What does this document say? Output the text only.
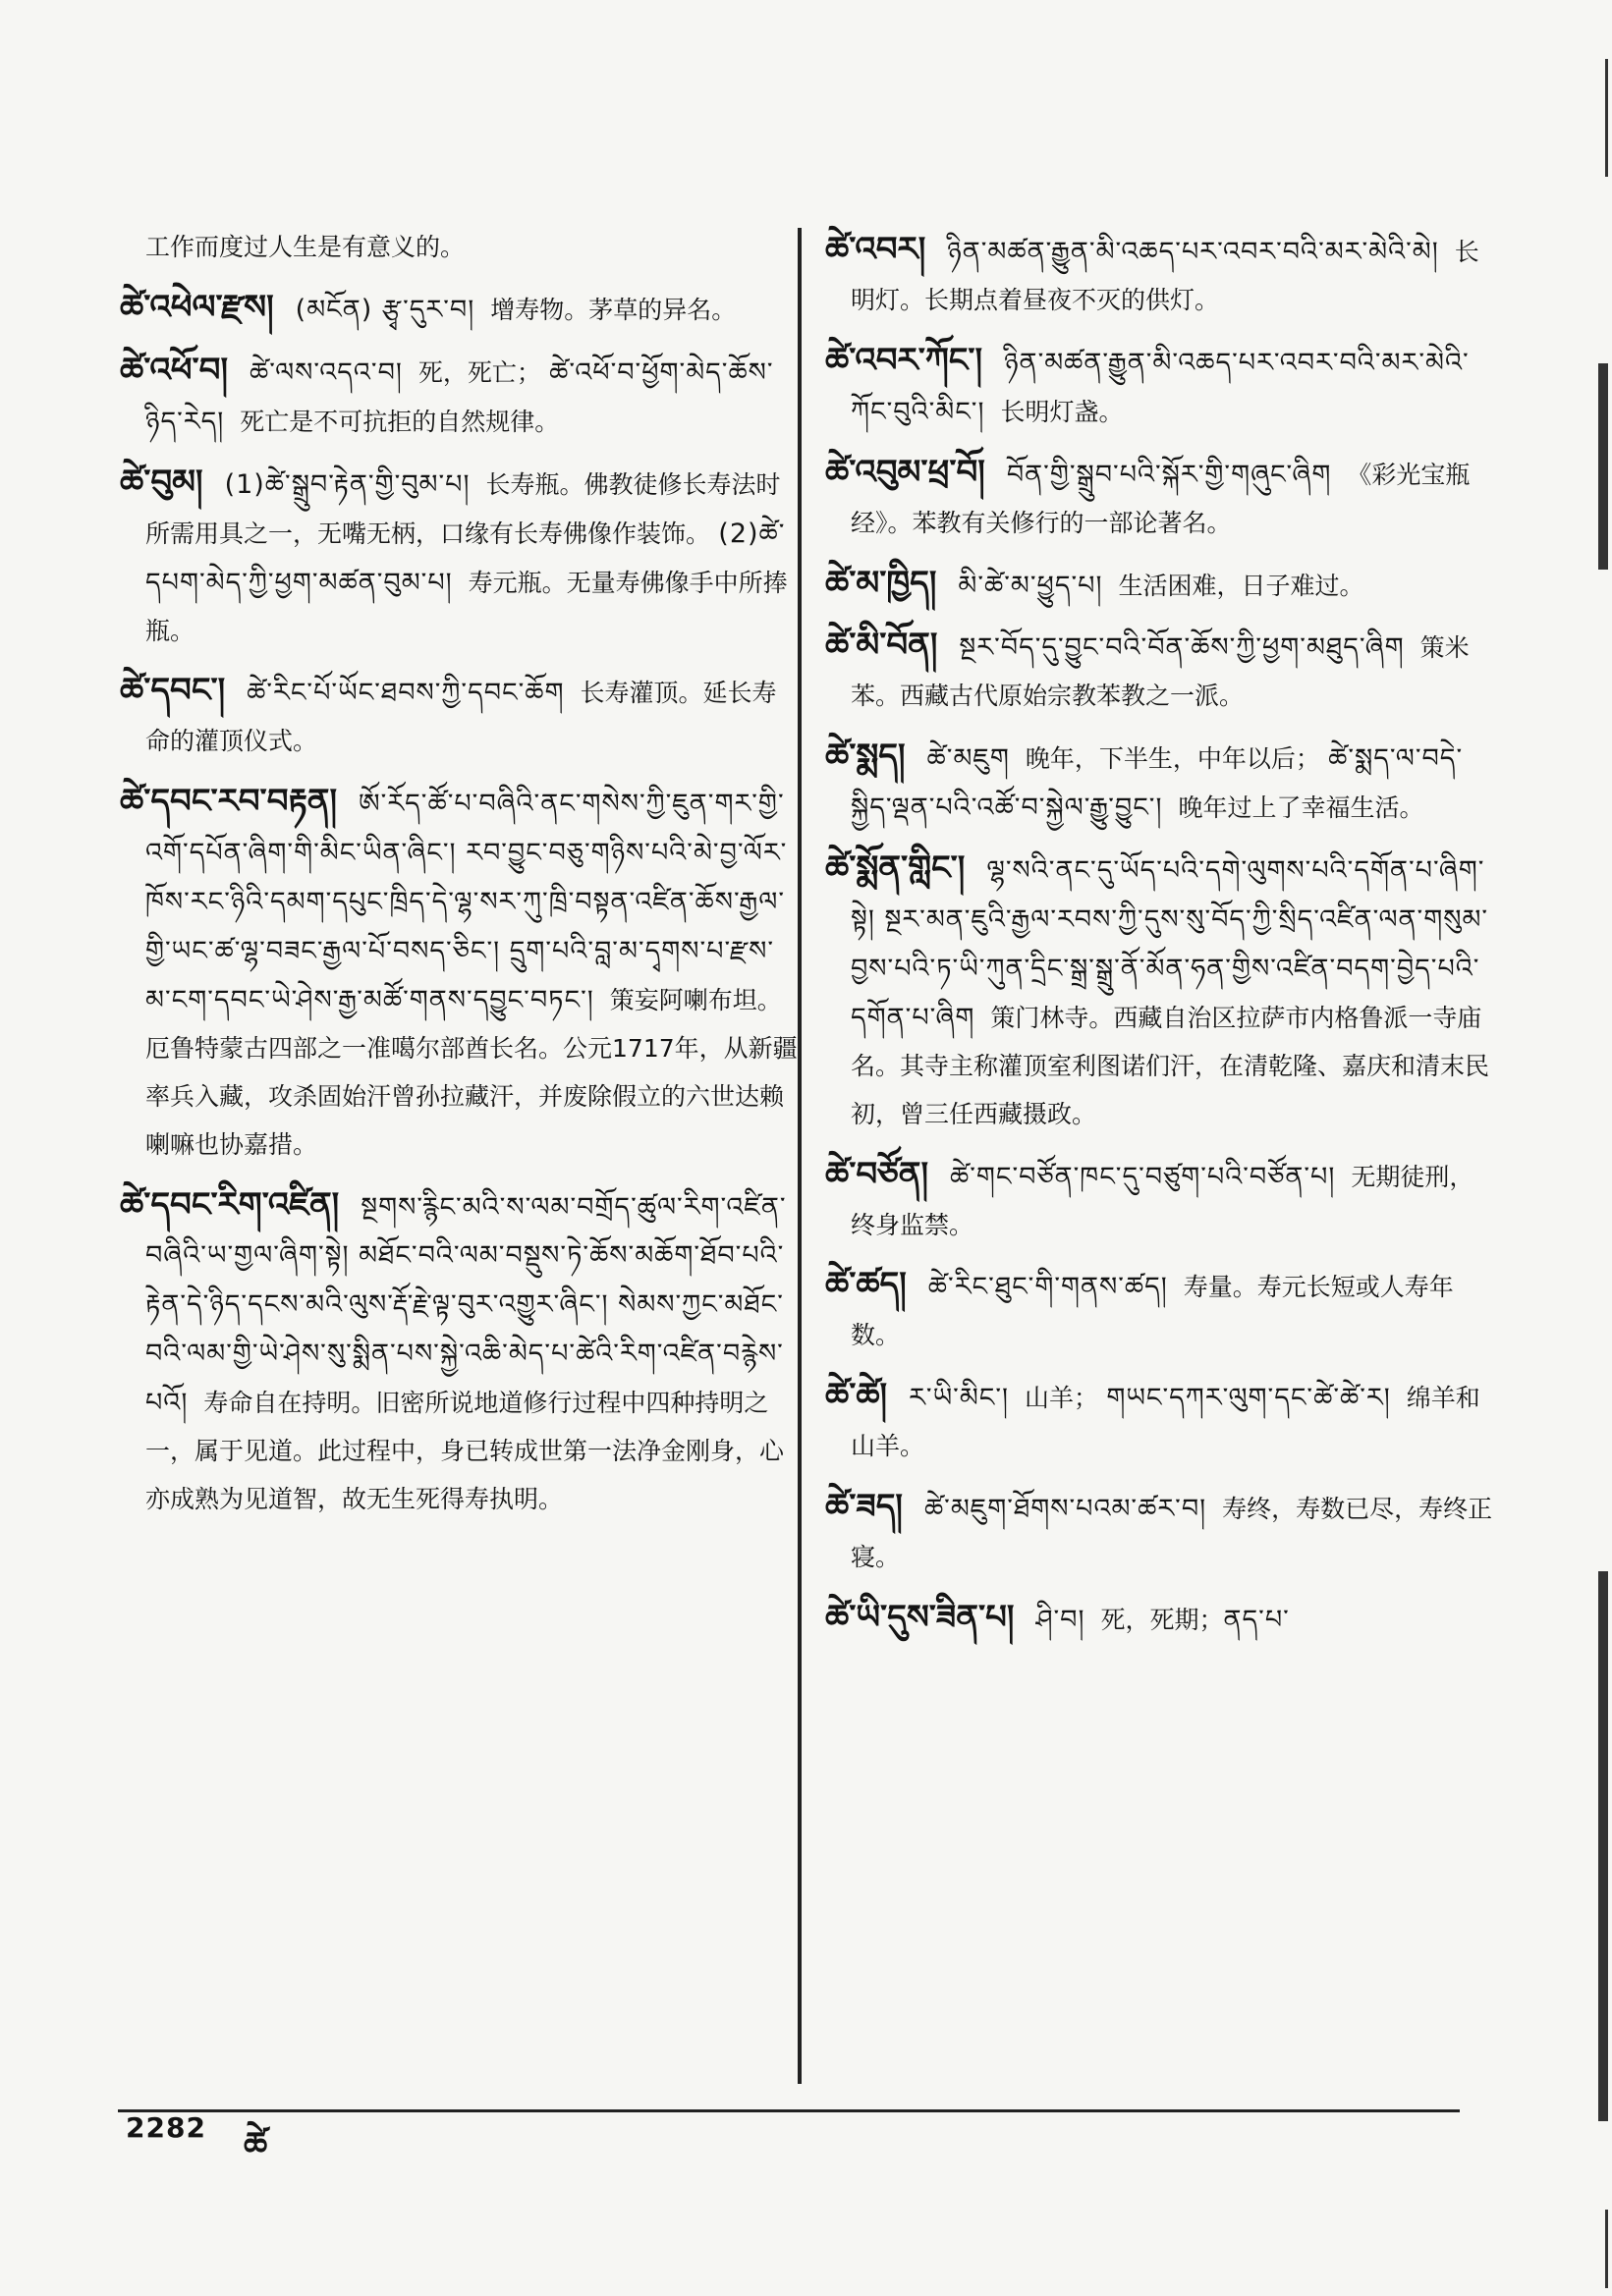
工作而度过人生是有意义的。
ཚེ་འཕེལ་རྫས། (མངོན) རྩྭ་དུར་བ། 增寿物。茅草的异名。
ཚེ་འཕོ་བ། ཚེ་ལས་འདའ་བ། 死，死亡； ཚེ་འཕོ་བ་ཕྱོག་མེད་ཆོས་ཉིད་རེད། 死亡是不可抗拒的自然规律。
ཚེ་བུམ། (1)ཚེ་སྒྲུབ་རྟེན་གྱི་བུམ་པ། 长寿瓶。佛教徒修长寿法时所需用具之一，无嘴无柄，口缘有长寿佛像作装饰。 (2)ཚེ་དཔག་མེད་ཀྱི་ཕྱག་མཚན་བུམ་པ། 寿元瓶。无量寿佛像手中所捧瓶。
ཚེ་དབང་། ཚེ་རིང་པོ་ཡོང་ཐབས་ཀྱི་དབང་ཆོག 长寿灌顶。延长寿命的灌顶仪式。
ཚེ་དབང་རབ་བརྟན། ཨོ་རོད་ཚོ་པ་བཞིའི་ནང་གསེས་ཀྱི་ཇུན་གར་གྱི་འགོ་དཔོན་ཞིག་གི་མིང་ཡིན་ཞིང་། རབ་བྱུང་བཅུ་གཉིས་པའི་མེ་བྱ་ལོར་ཁོས་རང་ཉིའི་དམག་དཔུང་ཁྲིད་དེ་ལྷ་སར་ཀུ་ཁྲི་བསྟན་འཛིན་ཆོས་རྒྱལ་གྱི་ཡང་ཚ་ལྷ་བཟང་རྒྱལ་པོ་བསད་ཅིང་། དྲུག་པའི་བླ་མ་དྭགས་པ་རྫས་མ་ངག་དབང་ཡེ་ཤེས་རྒྱ་མཚོ་གནས་དབྱུང་བཏང་། 策妄阿喇布坦。厄鲁特蒙古四部之一准噶尔部酋长名。公元1717年，从新疆率兵入藏，攻杀固始汗曾孙拉藏汗，并废除假立的六世达赖喇嘛也协嘉措。
ཚེ་དབང་རིག་འཛིན། སྔགས་རྙིང་མའི་ས་ལམ་བགྲོད་ཚུལ་རིག་འཛིན་བཞིའི་ཡ་གྱལ་ཞིག་སྟེ། མཐོང་བའི་ལམ་བསྡུས་ཏེ་ཆོས་མཆོག་ཐོབ་པའི་རྟེན་དེ་ཉིད་དངས་མའི་ལུས་རྡོ་རྗེ་ལྟ་བུར་འགྱུར་ཞིང་། སེམས་ཀྱང་མཐོང་བའི་ལམ་གྱི་ཡེ་ཤེས་སུ་སྨིན་པས་སྐྱེ་འཆི་མེད་པ་ཚེའི་རིག་འཛིན་བརྙེས་པའོ། 寿命自在持明。旧密所说地道修行过程中四种持明之一，属于见道。此过程中，身已转成世第一法净金刚身，心亦成熟为见道智，故无生死得寿执明。
ཚེ་འབར། ཉིན་མཚན་རྒྱུན་མི་འཆད་པར་འབར་བའི་མར་མེའི་མེ། 长明灯。长期点着昼夜不灭的供灯。
ཚེ་འབར་ཀོང་། ཉིན་མཚན་རྒྱུན་མི་འཆད་པར་འབར་བའི་མར་མེའི་ཀོང་བུའི་མིང་། 长明灯盏。
ཚེ་འབུམ་ཕྲ་བོ། བོན་གྱི་སྒྲུབ་པའི་སྐོར་གྱི་གཞུང་ཞིག 《彩光宝瓶经》。苯教有关修行的一部论著名。
ཚེ་མ་ཁྱིད། མི་ཚེ་མ་ཕྱུད་པ། 生活困难，日子难过。
ཚེ་མི་བོན། སྔར་བོད་དུ་བྱུང་བའི་བོན་ཆོས་ཀྱི་ཕྱག་མཐུད་ཞིག 策米苯。西藏古代原始宗教苯教之一派。
ཚེ་སྨད། ཚེ་མཇུག 晚年，下半生，中年以后； ཚེ་སྨད་ལ་བདེ་སྐྱིད་ལྡན་པའི་འཚོ་བ་སྐྱེལ་རྒྱུ་བྱུང་། 晚年过上了幸福生活。
ཚེ་སྨོན་གླིང་། ལྷ་སའི་ནང་དུ་ཡོད་པའི་དགེ་ལུགས་པའི་དགོན་པ་ཞིག་སྟེ། སྔར་མན་ཇུའི་རྒྱལ་རབས་ཀྱི་དུས་སུ་བོད་ཀྱི་སྲིད་འཛིན་ལན་གསུམ་བྱས་པའི་ཏ་ཡི་ཀུན་དྲིང་སྒྲ་སྒྲུ་ནོ་མོན་ཧན་གྱིས་འཛིན་བདག་བྱེད་པའི་དགོན་པ་ཞིག 策门林寺。西藏自治区拉萨市内格鲁派一寺庙名。其寺主称灌顶室利图诺们汗，在清乾隆、嘉庆和清末民初，曾三任西藏摄政。
ཚེ་བཙོན། ཚེ་གང་བཙོན་ཁང་དུ་བཙུག་པའི་བཙོན་པ། 无期徒刑，终身监禁。
ཚེ་ཚད། ཚེ་རིང་ཐུང་གི་གནས་ཚད། 寿量。寿元长短或人寿年数。
ཚེ་ཚེ། ར་ཡི་མིང་། 山羊； གཡང་དཀར་ལུག་དང་ཚེ་ཚེ་ར། 绵羊和山羊。
ཚེ་ཟད། ཚེ་མཇུག་ཐོགས་པའམ་ཚར་བ། 寿终，寿数已尽，寿终正寝。
ཚེ་ཡི་དུས་ཟིན་པ། ཤི་བ། 死，死期；ནད་པ་
2282 ཚེ
